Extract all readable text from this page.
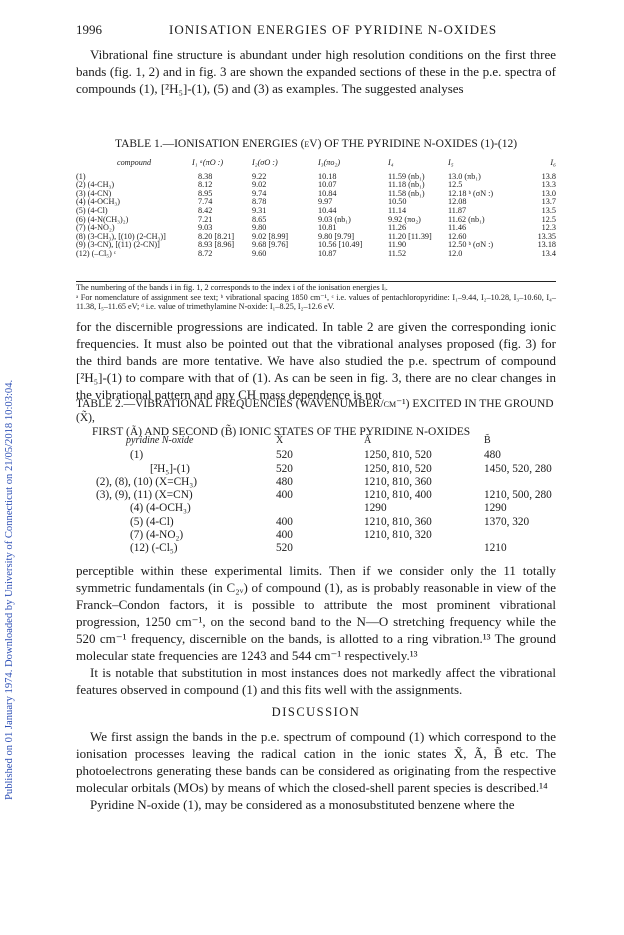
Published on 01 January 1974. Downloaded by University of Connecticut on 21/05/2018 10:03:04.
1996	IONISATION ENERGIES OF PYRIDINE N-OXIDES

Vibrational fine structure is abundant under high resolution conditions on the first three bands (fig. 1, 2) and in fig. 3 are shown the expanded sections of these in the p.e. spectra of compounds (1), [²H₅]-(1), (5) and (3) as examples. The suggested analyses

TABLE 1.—IONISATION ENERGIES (eV) OF THE PYRIDINE N-OXIDES (1)-(12)
compound	I₁ ᵃ(πO :)	I₂(σO :)	I₃(πo₂)	I₄	I₅	I₆
(1)	8.38	9.22	10.18	11.59 (nb₁)	13.0 (πb₁)	13.8
(2) (4-CH₃)	8.12	9.02	10.07	11.18 (nb₁)	12.5	13.3
(3) (4-CN)	8.95	9.74	10.84	11.58 (nb₁)	12.18 ᵇ (σN :)	13.0
(4) (4-OCH₃)	7.74	8.78	9.97	10.50	12.08	13.7
(5) (4-Cl)	8.42	9.31	10.44	11.14	11.87	13.5
(6) (4-N(CH₃)₂)	7.21	8.65	9.03 (nb₁)	9.92 (πo₂)	11.62 (nb₁)	12.5
(7) (4-NO₂)	9.03	9.80	10.81	11.26	11.46	12.3
(8) (3-CH₃), [(10) (2-CH₃)]	8.20 [8.21]	9.02 [8.99]	9.80 [9.79]	11.20 [11.39]	12.60	13.35
(9) (3-CN), [(11) (2-CN)]	8.93 [8.96]	9.68 [9.76]	10.56 [10.49]	11.90	12.50 ᵇ (σN :)	13.18
(12) (–Cl₅) ᶜ	8.72	9.60	10.87	11.52	12.0	13.4
The numbering of the bands i in fig. 1, 2 corresponds to the index i of the ionisation energies Iᵢ.
ᵃ For nomenclature of assignment see text; ᵇ vibrational spacing 1850 cm⁻¹, ᶜ i.e. values of pentachloropyridine: I₁–9.44, I₂–10.28, I₃–10.60, I₄–11.38, I₅–11.65 eV; ᵈ i.e. value of trimethylamine N-oxide: I₁–8.25, I₂–12.6 eV.

for the discernible progressions are indicated. In table 2 are given the corresponding ionic frequencies. It must also be pointed out that the vibrational analyses proposed (fig. 3) for the third bands are more tentative. We have also studied the p.e. spectrum of compound [²H₅]-(1) to compare with that of (1). As can be seen in fig. 3, there are no clear changes in the vibrational pattern and any CH mass dependence is not

TABLE 2.—VIBRATIONAL FREQUENCIES (WAVENUMBER/cm⁻¹) EXCITED IN THE GROUND (X̃),
FIRST (Ã) AND SECOND (B̃) IONIC STATES OF THE PYRIDINE N-OXIDES
pyridine N-oxide	X̃	Ã	B̃
(1)	520	1250, 810, 520	480
[²H₅]-(1)	520	1250, 810, 520	1450, 520, 280
(2), (8), (10) (X=CH₃)	480	1210, 810, 360	
(3), (9), (11) (X=CN)	400	1210, 810, 400	1210, 500, 280
(4) (4-OCH₃)		1290	1290
(5) (4-Cl)	400	1210, 810, 360	1370, 320
(7) (4-NO₂)	400	1210, 810, 320	
(12) (-Cl₅)	520		1210

perceptible within these experimental limits. Then if we consider only the 11 totally symmetric fundamentals (in C₂ᵥ) of compound (1), as is probably reasonable in view of the Franck–Condon factors, it is possible to attribute the most prominent vibrational progression, 1250 cm⁻¹, on the second band to the N—O stretching frequency while the 520 cm⁻¹ frequency, discernible on the bands, is allotted to a ring vibration.¹³ The ground molecular state frequencies are 1243 and 544 cm⁻¹ respectively.¹³

It is notable that substitution in most instances does not markedly affect the vibrational features observed in compound (1) and this fits well with the assignments.

DISCUSSION

We first assign the bands in the p.e. spectrum of compound (1) which correspond to the ionisation processes leaving the radical cation in the ionic states X̃, Ã, B̃ etc. The photoelectrons generating these bands can be considered as originating from the respective molecular orbitals (MOs) by means of which the closed-shell parent species is described.¹⁴

Pyridine N-oxide (1), may be considered as a monosubstituted benzene where the
